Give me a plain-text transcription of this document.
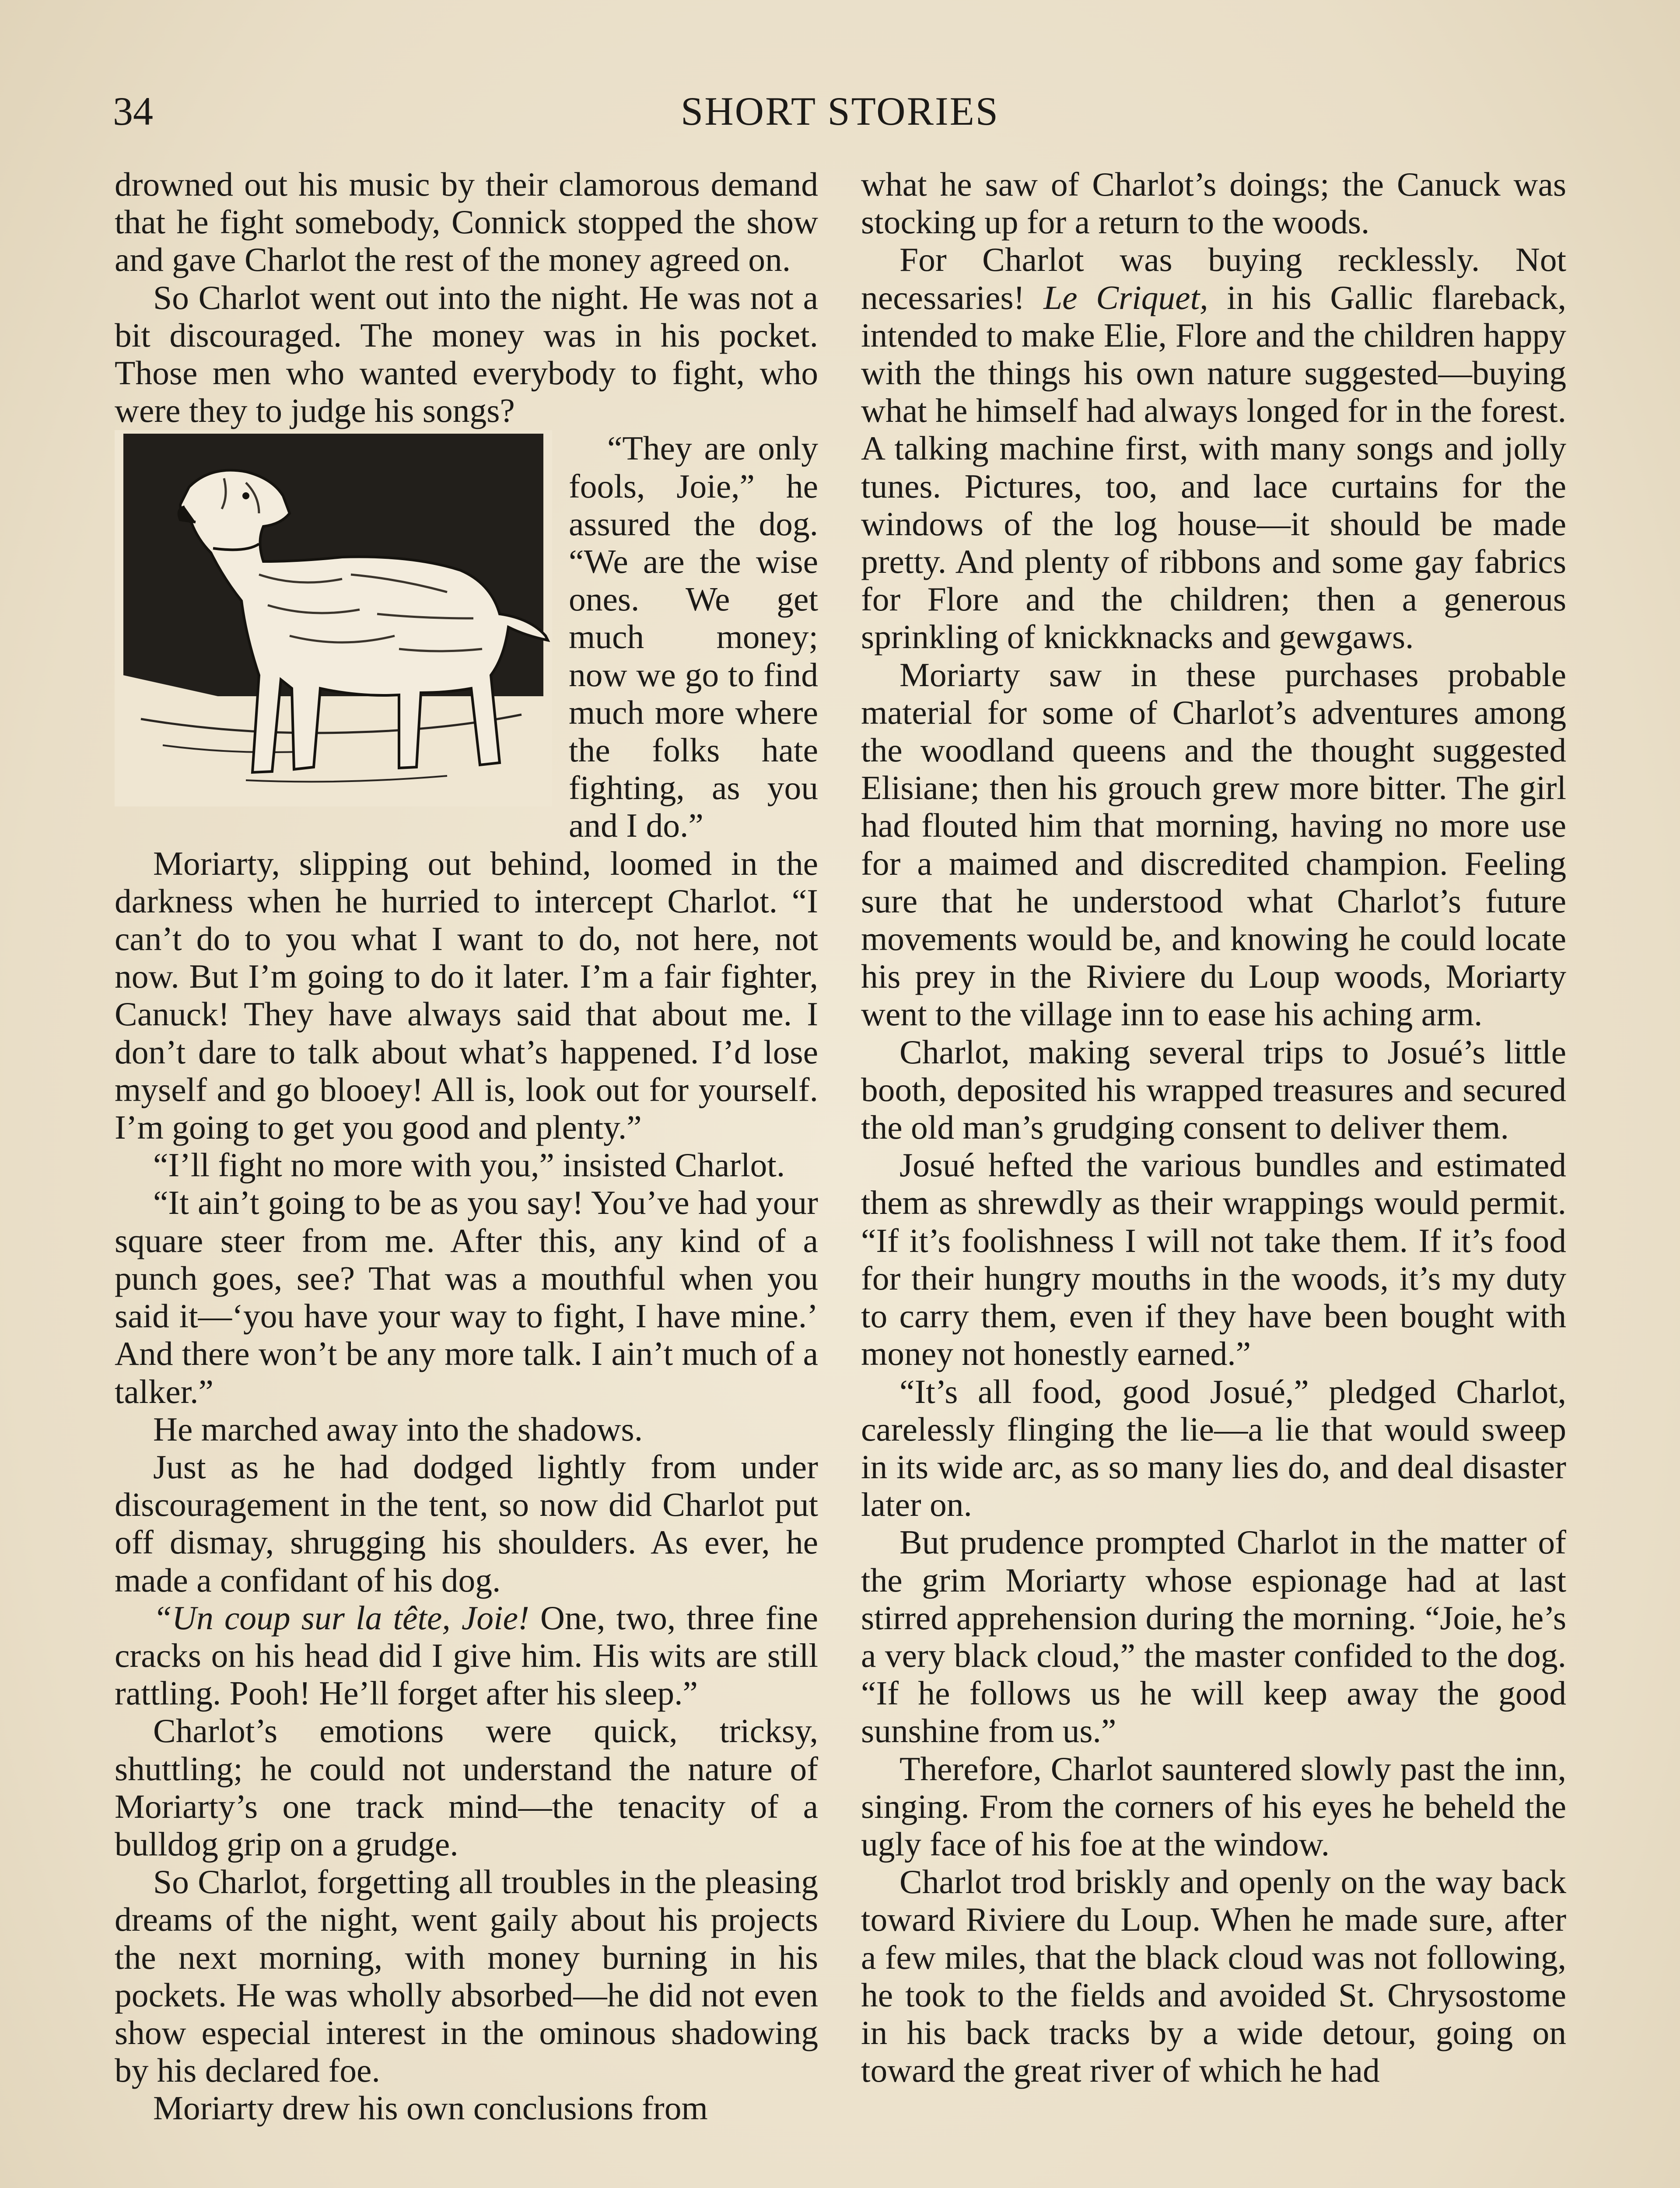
34	SHORT STORIES

drowned out his music by their clamorous demand that he fight somebody, Connick stopped the show and gave Charlot the rest of the money agreed on.

So Charlot went out into the night. He was not a bit discouraged. The money was in his pocket. Those men who wanted everybody to fight, who were they to judge his songs?

“They are only fools, Joie,” he assured the dog. “We are the wise ones. We get much money; now we go to find much more where the folks hate fighting, as you and I do.”

Moriarty, slipping out behind, loomed in the darkness when he hurried to intercept Charlot. “I can’t do to you what I want to do, not here, not now. But I’m going to do it later. I’m a fair fighter, Canuck! They have always said that about me. I don’t dare to talk about what’s happened. I’d lose myself and go blooey! All is, look out for yourself. I’m going to get you good and plenty.”

“I’ll fight no more with you,” insisted Charlot.

“It ain’t going to be as you say! You’ve had your square steer from me. After this, any kind of a punch goes, see? That was a mouthful when you said it—‘you have your way to fight, I have mine.’ And there won’t be any more talk. I ain’t much of a talker.”

He marched away into the shadows.

Just as he had dodged lightly from under discouragement in the tent, so now did Charlot put off dismay, shrugging his shoulders. As ever, he made a confidant of his dog.

“Un coup sur la tête, Joie! One, two, three fine cracks on his head did I give him. His wits are still rattling. Pooh! He’ll forget after his sleep.”

Charlot’s emotions were quick, tricksy, shuttling; he could not understand the nature of Moriarty’s one track mind—the tenacity of a bulldog grip on a grudge.

So Charlot, forgetting all troubles in the pleasing dreams of the night, went gaily about his projects the next morning, with money burning in his pockets. He was wholly absorbed—he did not even show especial interest in the ominous shadowing by his declared foe.

Moriarty drew his own conclusions from

what he saw of Charlot’s doings; the Canuck was stocking up for a return to the woods.

For Charlot was buying recklessly. Not necessaries! Le Criquet, in his Gallic flareback, intended to make Elie, Flore and the children happy with the things his own nature suggested—buying what he himself had always longed for in the forest. A talking machine first, with many songs and jolly tunes. Pictures, too, and lace curtains for the windows of the log house—it should be made pretty. And plenty of ribbons and some gay fabrics for Flore and the children; then a generous sprinkling of knickknacks and gewgaws.

Moriarty saw in these purchases probable material for some of Charlot’s adventures among the woodland queens and the thought suggested Elisiane; then his grouch grew more bitter. The girl had flouted him that morning, having no more use for a maimed and discredited champion. Feeling sure that he understood what Charlot’s future movements would be, and knowing he could locate his prey in the Riviere du Loup woods, Moriarty went to the village inn to ease his aching arm.

Charlot, making several trips to Josué’s little booth, deposited his wrapped treasures and secured the old man’s grudging consent to deliver them.

Josué hefted the various bundles and estimated them as shrewdly as their wrappings would permit. “If it’s foolishness I will not take them. If it’s food for their hungry mouths in the woods, it’s my duty to carry them, even if they have been bought with money not honestly earned.”

“It’s all food, good Josué,” pledged Charlot, carelessly flinging the lie—a lie that would sweep in its wide arc, as so many lies do, and deal disaster later on.

But prudence prompted Charlot in the matter of the grim Moriarty whose espionage had at last stirred apprehension during the morning. “Joie, he’s a very black cloud,” the master confided to the dog. “If he follows us he will keep away the good sunshine from us.”

Therefore, Charlot sauntered slowly past the inn, singing. From the corners of his eyes he beheld the ugly face of his foe at the window.

Charlot trod briskly and openly on the way back toward Riviere du Loup. When he made sure, after a few miles, that the black cloud was not following, he took to the fields and avoided St. Chrysostome in his back tracks by a wide detour, going on toward the great river of which he had
